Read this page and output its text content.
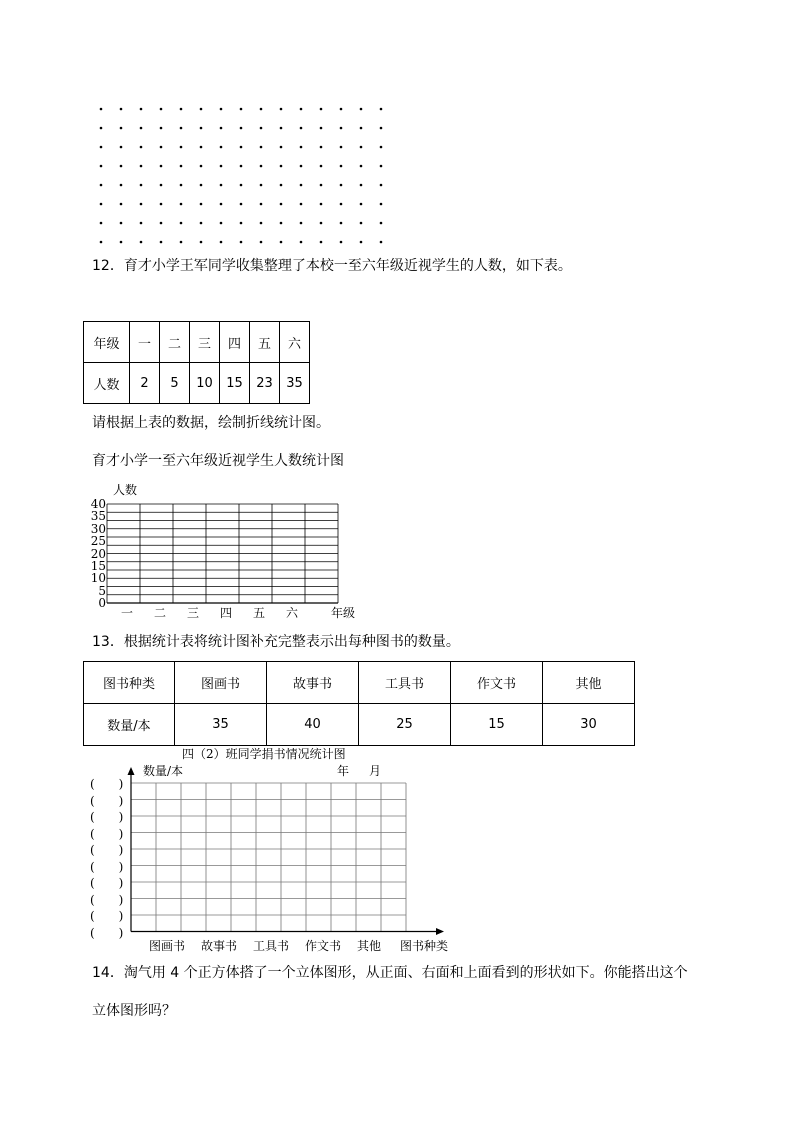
12．育才小学王军同学收集整理了本校一至六年级近视学生的人数，如下表。
年级	一	二	三	四	五	六
人数	2	5	10	15	23	35
请根据上表的数据，绘制折线统计图。
育才小学一至六年级近视学生人数统计图
人数
40
35
30
25
20
15
10
5
0
一 二 三 四 五 六	年级
13．根据统计表将统计图补充完整表示出每种图书的数量。
图书种类	图画书	故事书	工具书	作文书	其他
数量/本	35	40	25	15	30
四（2）班同学捐书情况统计图
数量/本	年 月
(　　)
(　　)
(　　)
(　　)
(　　)
(　　)
(　　)
(　　)
(　　)
(　　)
图画书 故事书 工具书 作文书 其他 图书种类
14．淘气用 4 个正方体搭了一个立体图形，从正面、右面和上面看到的形状如下。你能搭出这个
立体图形吗？
